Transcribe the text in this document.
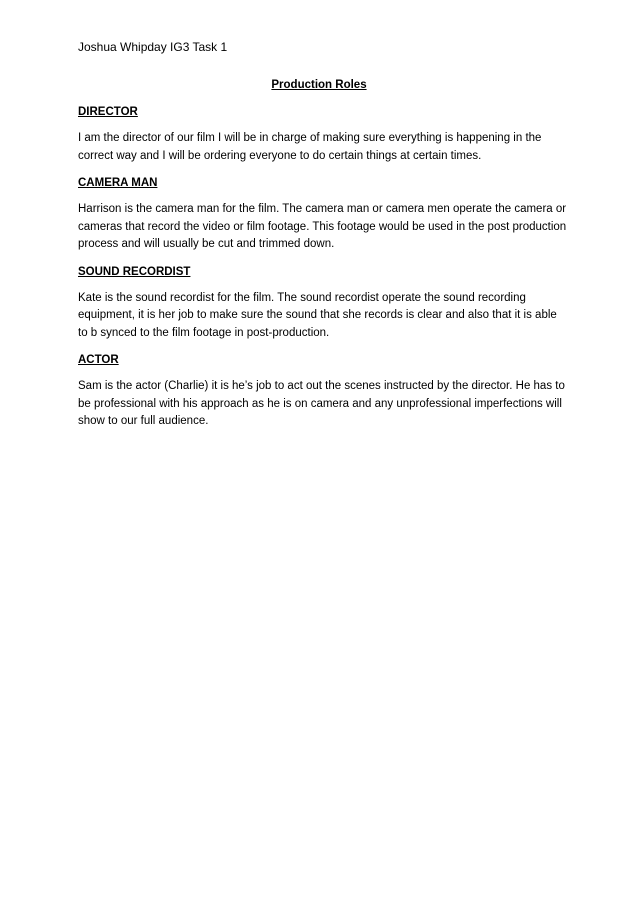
Joshua Whipday IG3 Task 1
Production Roles
DIRECTOR

I am the director of our film I will be in charge of making sure everything is happening in the correct way and I will be ordering everyone to do certain things at certain times.

CAMERA MAN

Harrison is the camera man for the film. The camera man or camera men operate the camera or cameras that record the video or film footage. This footage would be used in the post production process and will usually be cut and trimmed down.

SOUND RECORDIST

Kate is the sound recordist for the film. The sound recordist operate the sound recording equipment, it is her job to make sure the sound that she records is clear and also that it is able to b synced to the film footage in post-production.

ACTOR

Sam is the actor (Charlie) it is he’s job to act out the scenes instructed by the director. He has to be professional with his approach as he is on camera and any unprofessional imperfections will show to our full audience.
